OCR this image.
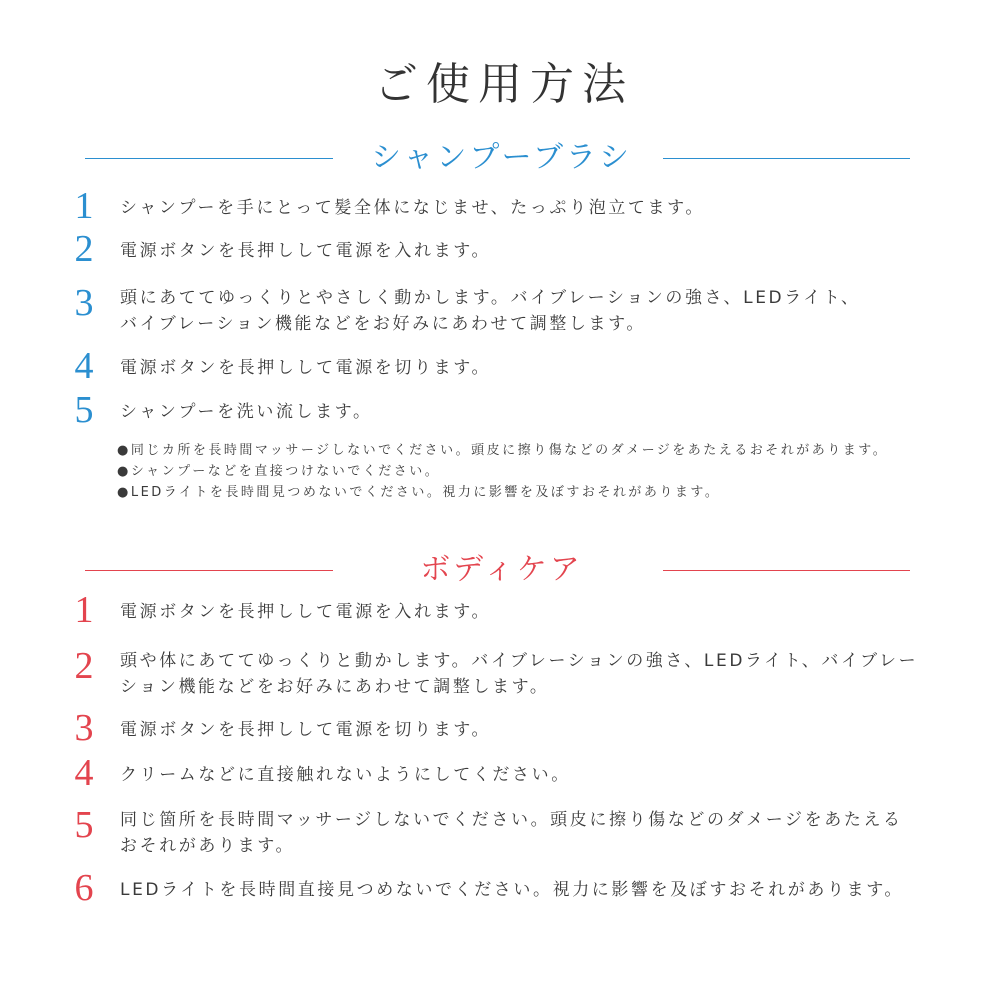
ご使用方法
シャンプーブラシ
1	シャンプーを手にとって髪全体になじませ、たっぷり泡立てます。
2	電源ボタンを長押しして電源を入れます。
3	頭にあててゆっくりとやさしく動かします。バイブレーションの強さ、LEDライト、
バイブレーション機能などをお好みにあわせて調整します。
4	電源ボタンを長押しして電源を切ります。
5	シャンプーを洗い流します。
●同じカ所を長時間マッサージしないでください。頭皮に擦り傷などのダメージをあたえるおそれがあります。
●シャンプーなどを直接つけないでください。
●LEDライトを長時間見つめないでください。視力に影響を及ぼすおそれがあります。
ボディケア
1	電源ボタンを長押しして電源を入れます。
2	頭や体にあててゆっくりと動かします。バイブレーションの強さ、LEDライト、バイブレー
ション機能などをお好みにあわせて調整します。
3	電源ボタンを長押しして電源を切ります。
4	クリームなどに直接触れないようにしてください。
5	同じ箇所を長時間マッサージしないでください。頭皮に擦り傷などのダメージをあたえる
おそれがあります。
6	LEDライトを長時間直接見つめないでください。視力に影響を及ぼすおそれがあります。
